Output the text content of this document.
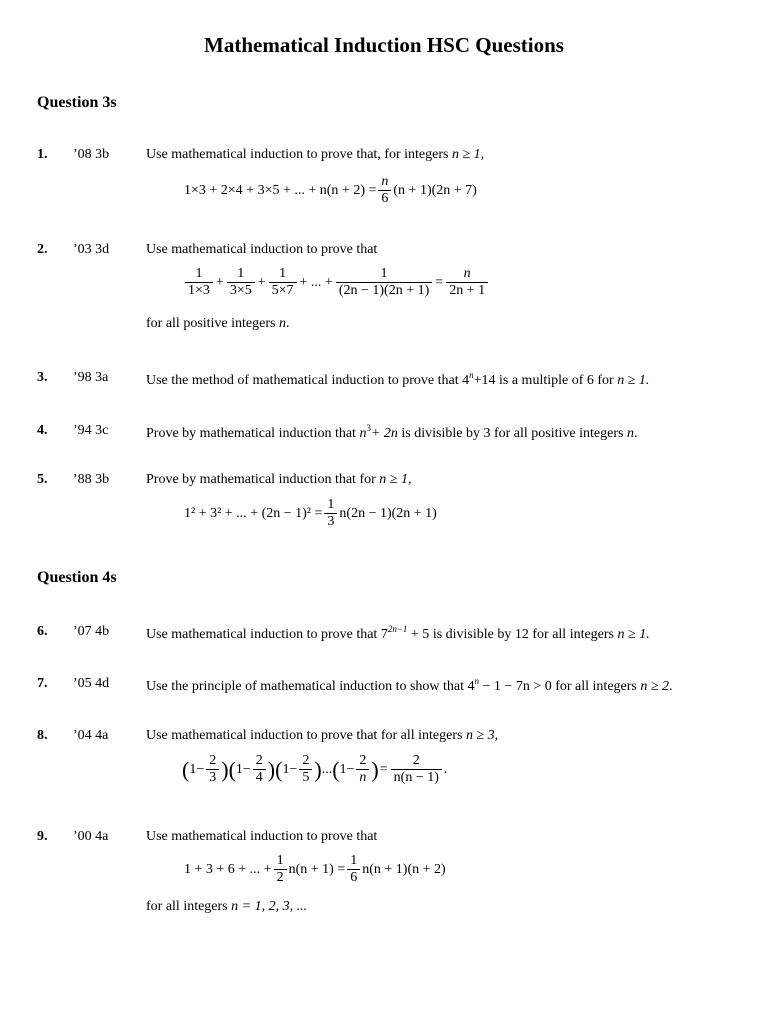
Mathematical Induction HSC Questions
Question 3s
1. ’08 3b	Use mathematical induction to prove that, for integers n ≥ 1,
1×3 + 2×4 + 3×5 + ... + $n(n + 2) = \frac{n}{6} (n + 1)(2n + 7)$
2. ’03 3d	Use mathematical induction to prove that
$\frac{1}{1\times 3} + \frac{1}{3\times 5} + \frac{1}{5\times 7}$ + ... + $\frac{1}{(2n - 1)(2n + 1)} = \frac{n}{2n + 1}$
for all positive integers n.
3. ’98 3a	Use the method of mathematical induction to prove that $4^n+14$ is a multiple of 6 for n ≥ 1.
4. ’94 3c	Prove by mathematical induction that $n^3+ 2n$ is divisible by 3 for all positive integers n.
5. ’88 3b	Prove by mathematical induction that for n ≥ 1,
1² + 3² + ... + $(2n - 1)^2 = \frac{1}{3} n(2n - 1)(2n + 1)$
Question 4s
6. ’07 4b	Use mathematical induction to prove that $7^{2n-1} + 5$ is divisible by 12 for all integers n ≥ 1.
7. ’05 4d	Use the principle of mathematical induction to show that $4^n - 1 - 7n > 0$ for all integers n ≥ 2.
8. ’04 4a	Use mathematical induction to prove that for all integers n ≥ 3,
( $1- \frac{2}{3}$ ) ( $1- \frac{2}{4}$ ) ( $1- \frac{2}{5}$ ) ... ( $1- \frac{2}{n}$ ) = $\frac{2}{n(n - 1)}$ .
9. ’00 4a	Use mathematical induction to prove that
1 + 3 + 6 + ... + $\frac{1}{2} n(n + 1) = \frac{1}{6} n(n + 1)(n + 2)$
for all integers n = 1, 2, 3, ...
